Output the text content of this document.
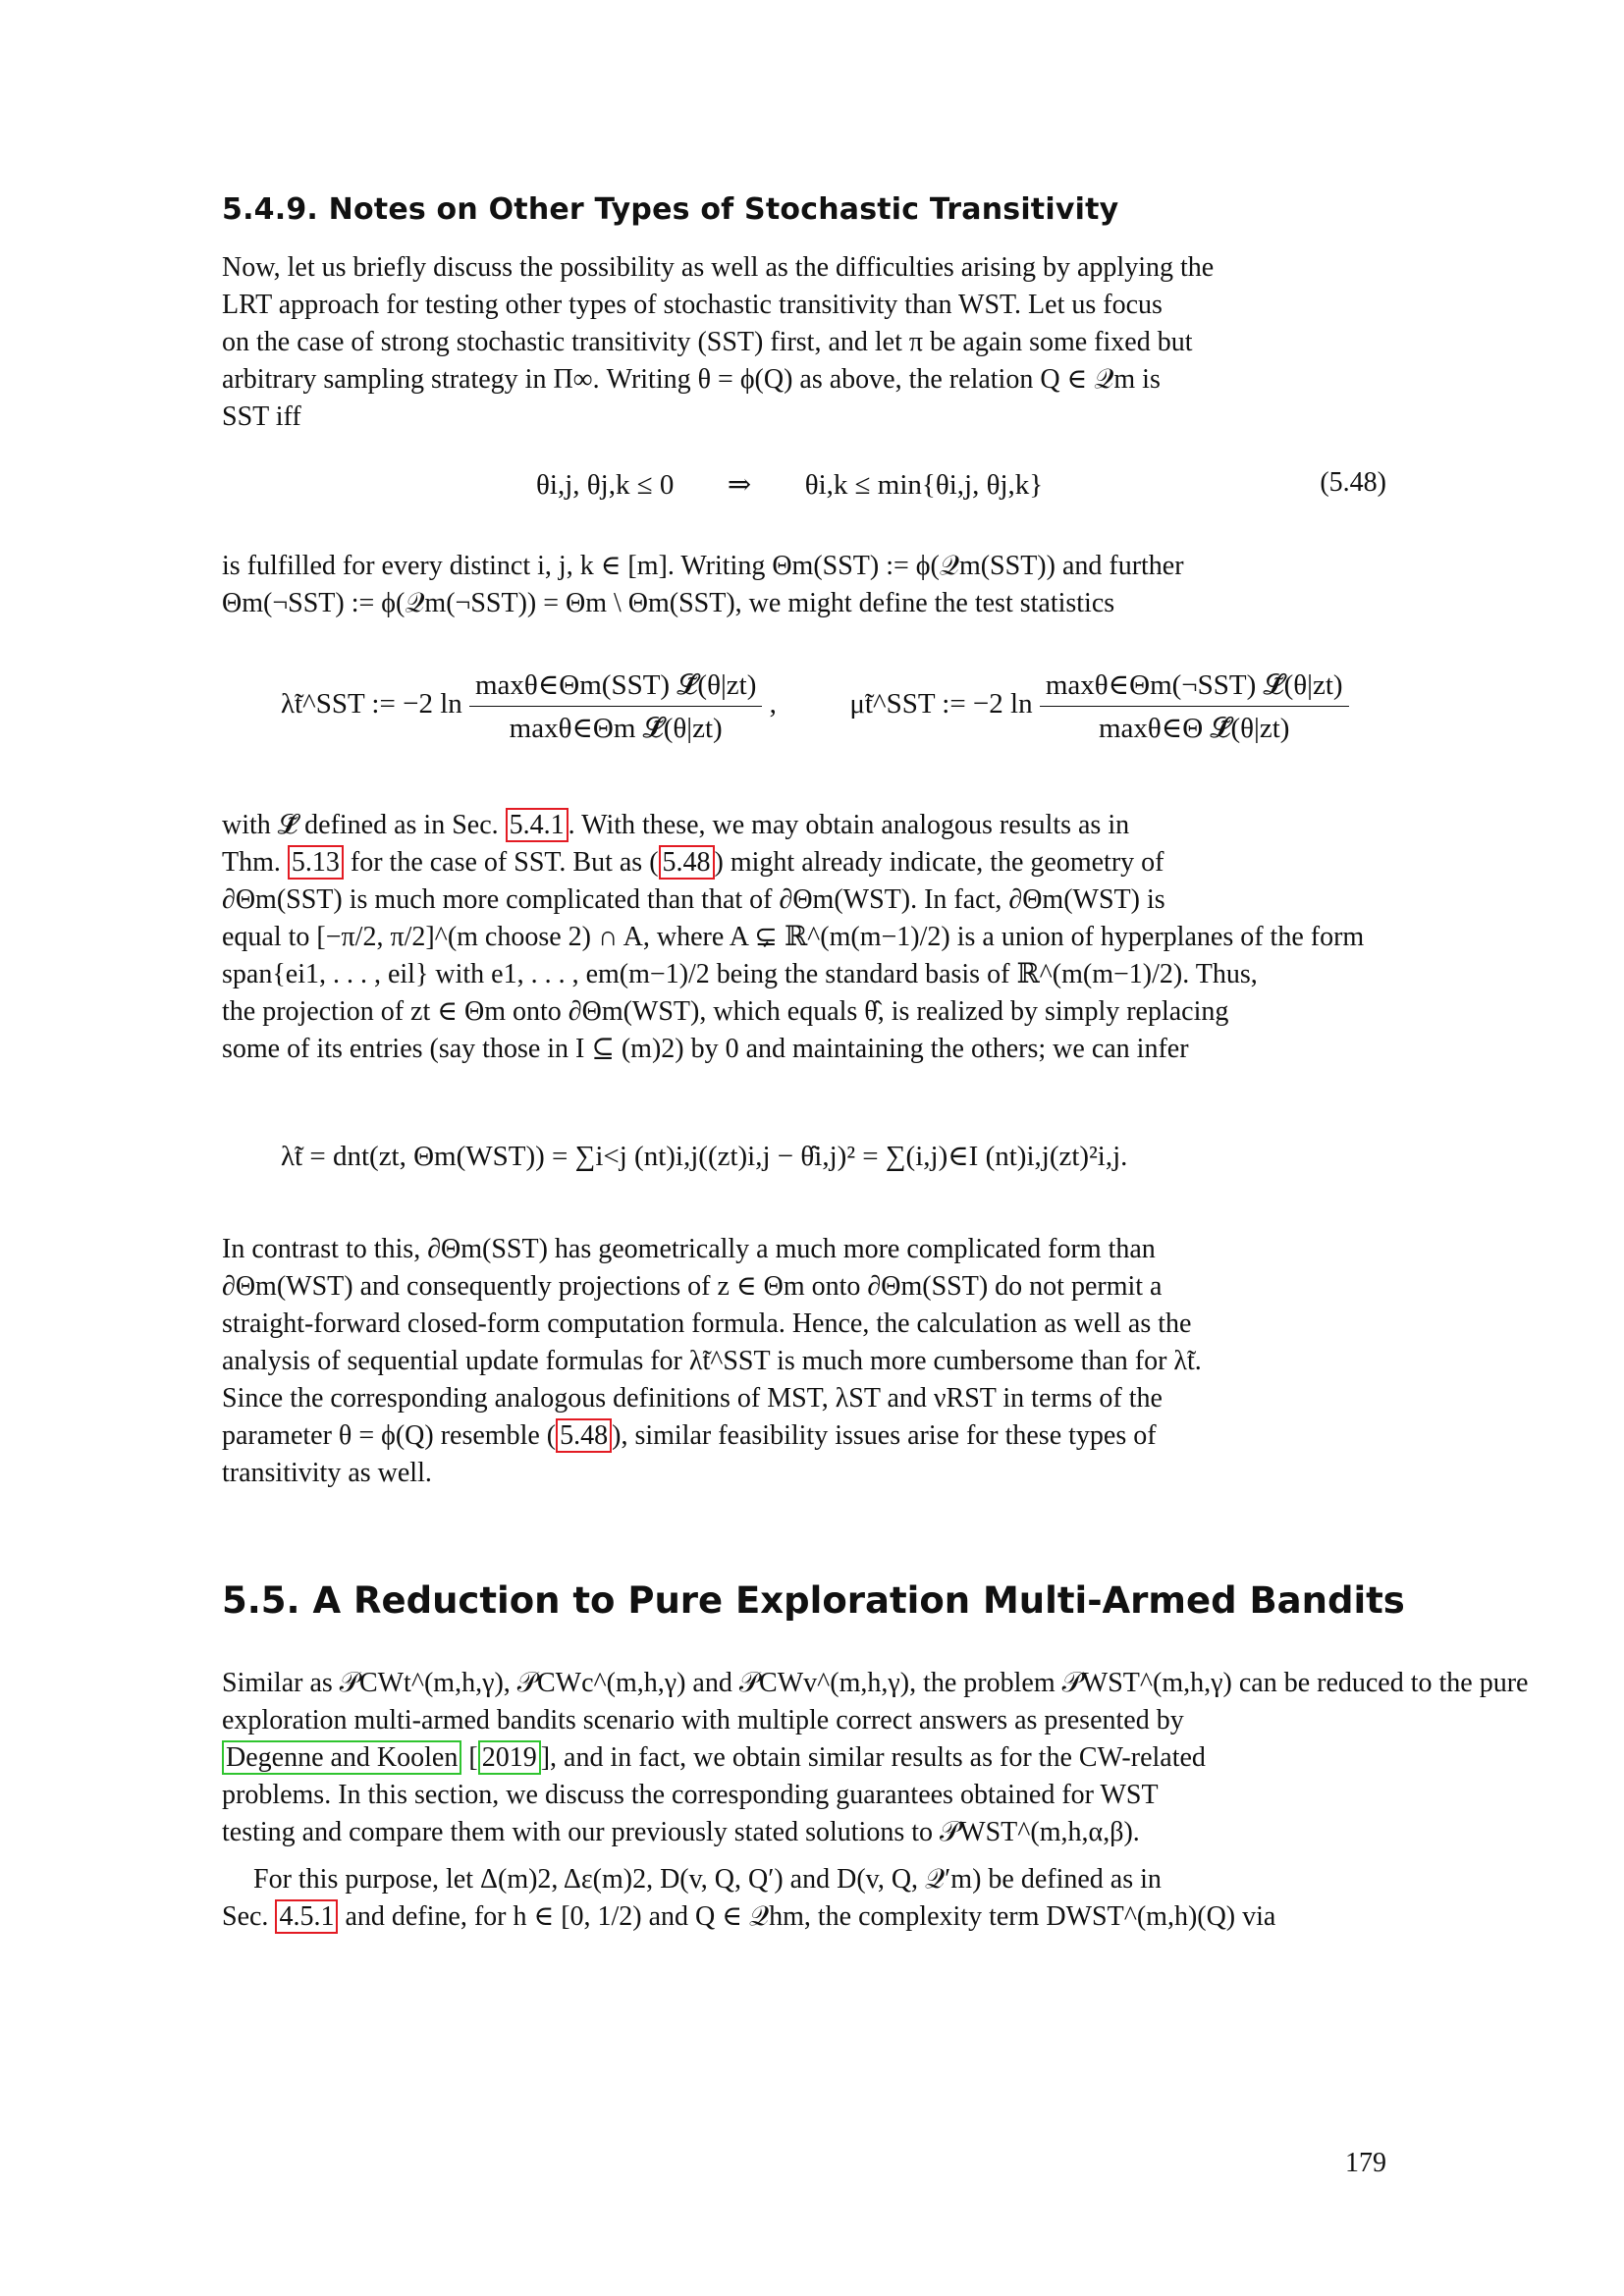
5.4.9. Notes on Other Types of Stochastic Transitivity

Now, let us briefly discuss the possibility as well as the difficulties arising by applying the
LRT approach for testing other types of stochastic transitivity than WST. Let us focus
on the case of strong stochastic transitivity (SST) first, and let π be again some fixed but
arbitrary sampling strategy in Π∞. Writing θ = ϕ(Q) as above, the relation Q ∈ 𝒬m is
SST iff

θi,j, θj,k ≤ 0 ⇒ θi,k ≤ min{θi,j, θj,k}	(5.48)

is fulfilled for every distinct i, j, k ∈ [m]. Writing Θm(SST) := ϕ(𝒬m(SST)) and further
Θm(¬SST) := ϕ(𝒬m(¬SST)) = Θm \ Θm(SST), we might define the test statistics

λ̃t^SST := −2 $\ln \frac{\text{maxθ∈Θm(SST) 𝓛̃(θ|zt)}}{\text{maxθ∈Θm 𝓛̃(θ|zt)}}$ ,	μ̃t^SST := −2 $\ln \frac{\text{maxθ∈Θm(¬SST) 𝓛̃(θ|zt)}}{\text{maxθ∈Θ 𝓛̃(θ|zt)}}$

with 𝓛̃ defined as in Sec. 5.4.1 . With these, we may obtain analogous results as in
Thm. 5.13 for the case of SST. But as ( 5.48 ) might already indicate, the geometry of
∂Θm(SST) is much more complicated than that of ∂Θm(WST). In fact, ∂Θm(WST) is
equal to [−π/2, π/2]^(m choose 2) ∩ A, where A ⊊ ℝ^(m(m−1)/2) is a union of hyperplanes of the form
span{ei1, . . . , eil} with e1, . . . , em(m−1)/2 being the standard basis of ℝ^(m(m−1)/2). Thus,
the projection of zt ∈ Θm onto ∂Θm(WST), which equals θ̂, is realized by simply replacing
some of its entries (say those in I ⊆ (m)2) by 0 and maintaining the others; we can infer

λ̃t = dnt(zt, Θm(WST)) = ∑i<j (nt)i,j((zt)i,j − θ̂i,j)² = ∑(i,j)∈I (nt)i,j(zt)²i,j.

In contrast to this, ∂Θm(SST) has geometrically a much more complicated form than
∂Θm(WST) and consequently projections of z ∈ Θm onto ∂Θm(SST) do not permit a
straight-forward closed-form computation formula. Hence, the calculation as well as the
analysis of sequential update formulas for λ̃t^SST is much more cumbersome than for λ̃t.
Since the corresponding analogous definitions of MST, λST and νRST in terms of the
parameter θ = ϕ(Q) resemble ( 5.48 ), similar feasibility issues arise for these types of
transitivity as well.

5.5. A Reduction to Pure Exploration Multi-Armed Bandits

Similar as 𝒫CWt^(m,h,γ), 𝒫CWc^(m,h,γ) and 𝒫CWv^(m,h,γ), the problem 𝒫WST^(m,h,γ) can be reduced to the pure
exploration multi-armed bandits scenario with multiple correct answers as presented by
Degenne and Koolen [ 2019 ], and in fact, we obtain similar results as for the CW-related
problems. In this section, we discuss the corresponding guarantees obtained for WST
testing and compare them with our previously stated solutions to 𝒫WST^(m,h,α,β).

For this purpose, let Δ(m)2, Δε(m)2, D(v, Q, Q′) and D(v, Q, 𝒬′m) be defined as in
Sec. 4.5.1 and define, for h ∈ [0, 1/2) and Q ∈ 𝒬hm, the complexity term DWST^(m,h)(Q) via

179
